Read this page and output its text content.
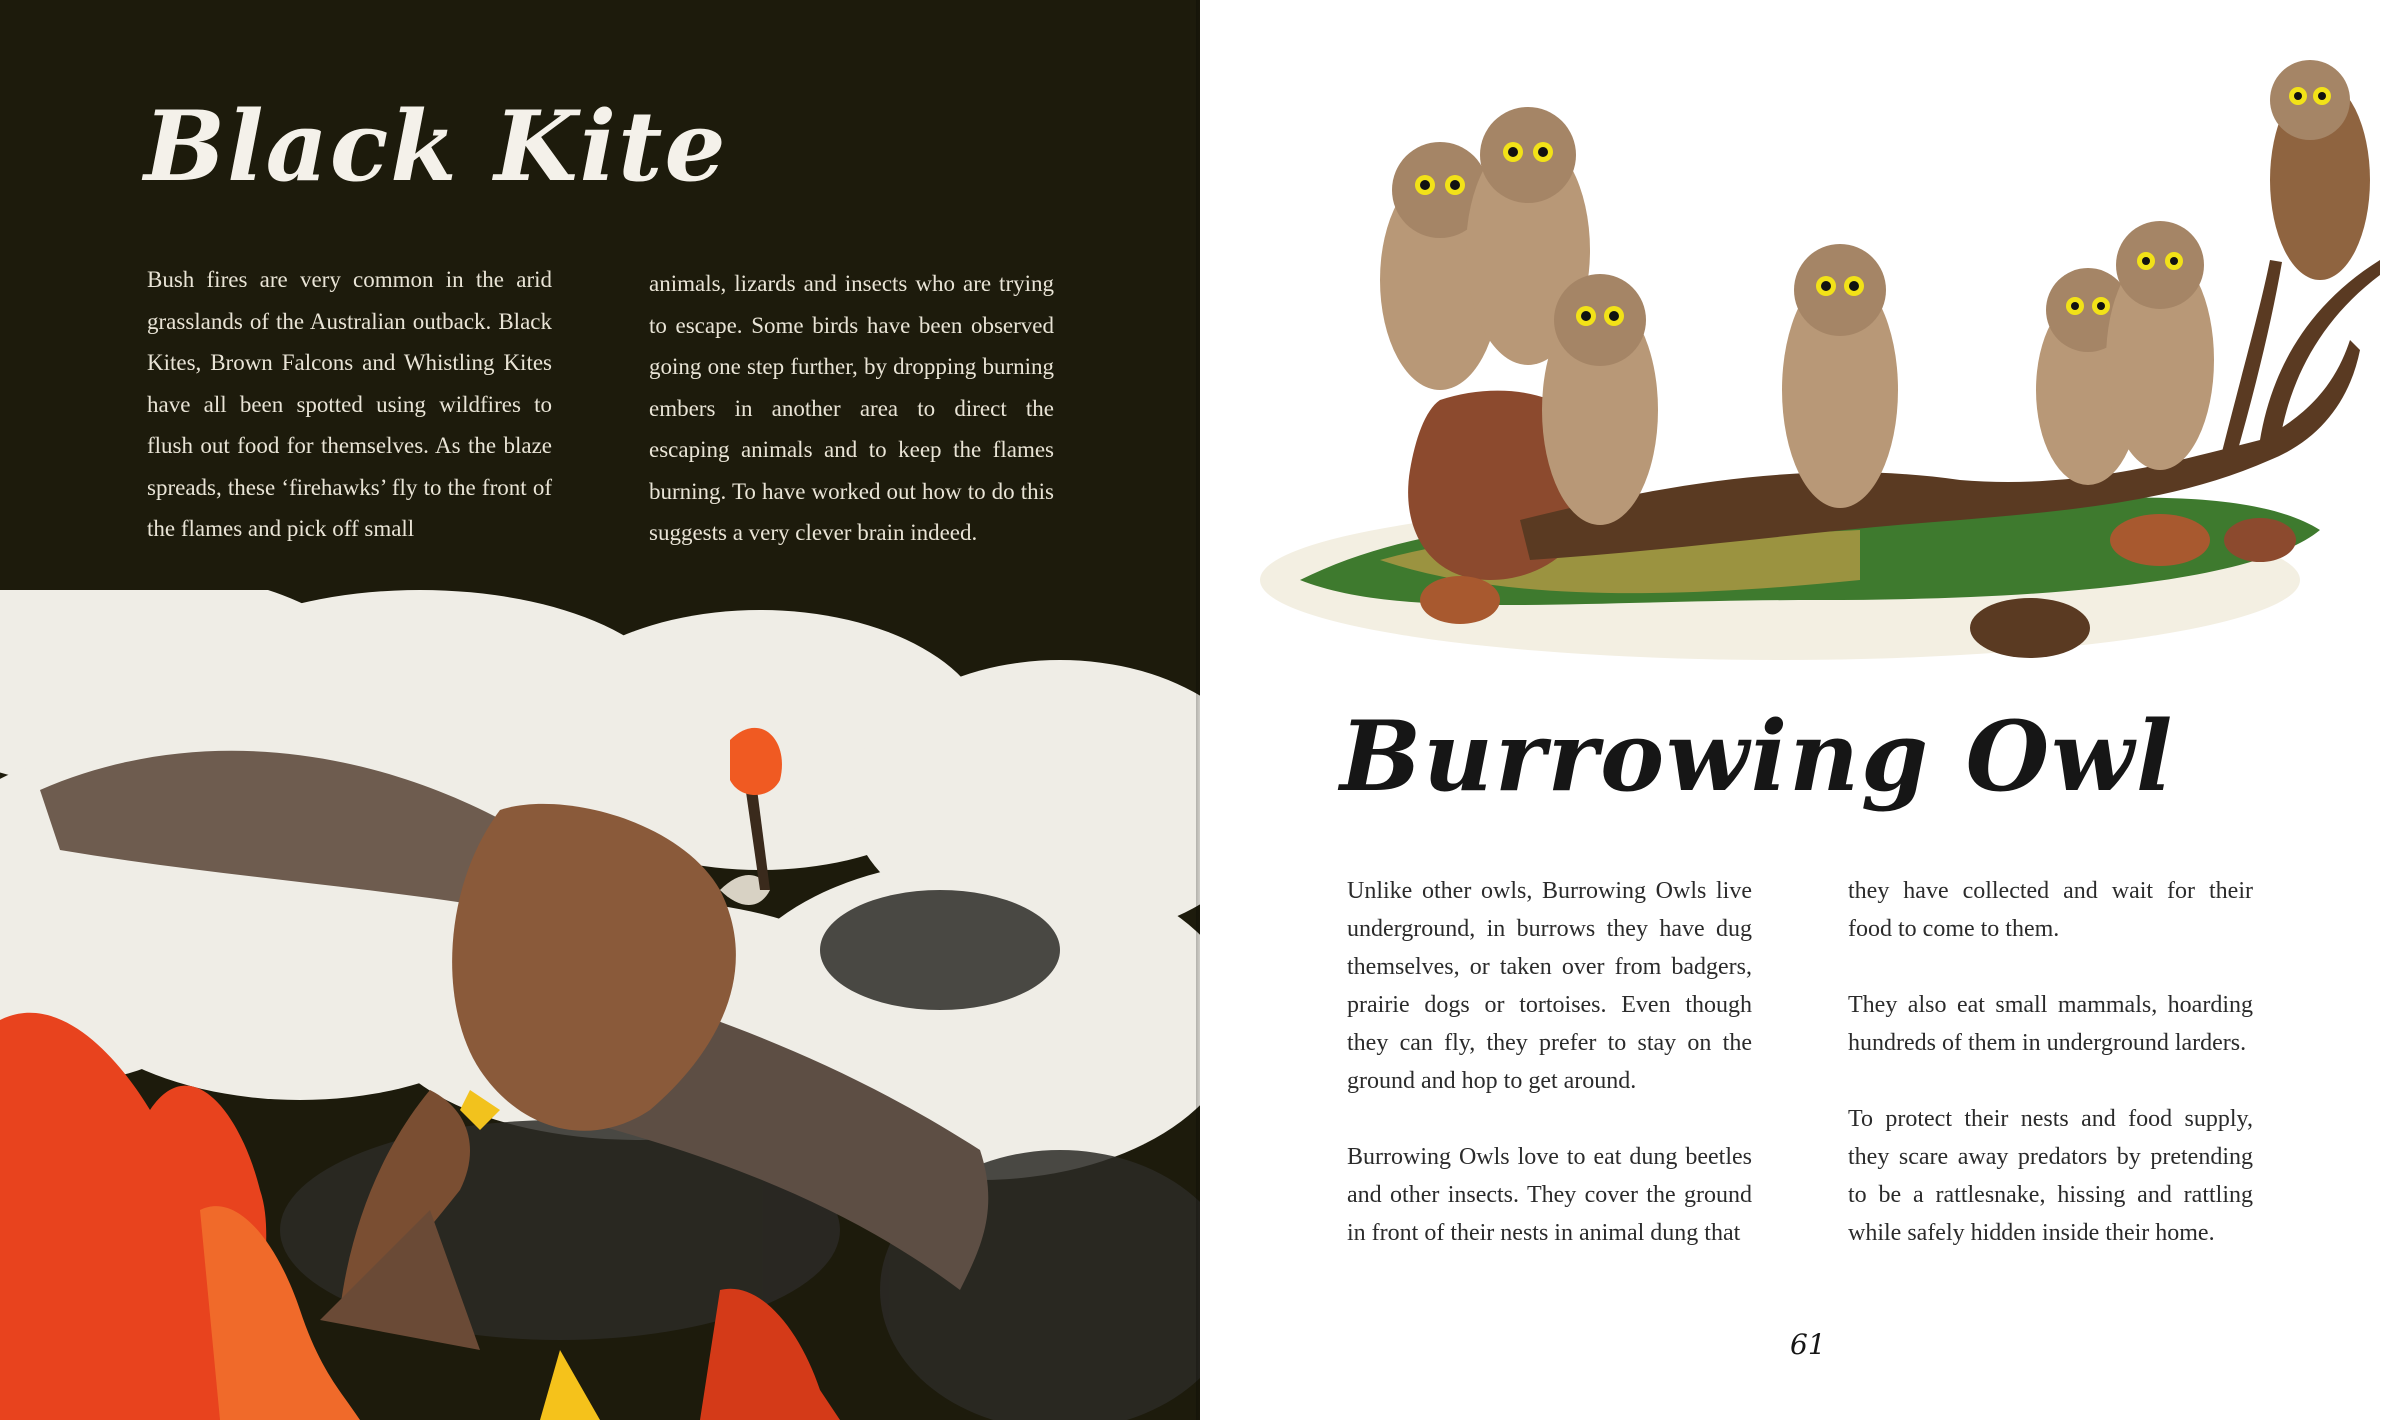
Black Kite

Bush fires are very common in the arid grasslands of the Australian outback. Black Kites, Brown Falcons and Whistling Kites have all been spotted using wildfires to flush out food for themselves. As the blaze spreads, these ‘firehawks’ fly to the front of the flames and pick off small

animals, lizards and insects who are trying to escape. Some birds have been observed going one step further, by dropping burning embers in another area to direct the escaping animals and to keep the flames burning. To have worked out how to do this suggests a very clever brain indeed.

Burrowing Owl

Unlike other owls, Burrowing Owls live underground, in burrows they have dug themselves, or taken over from badgers, prairie dogs or tortoises. Even though they can fly, they prefer to stay on the ground and hop to get around.

Burrowing Owls love to eat dung beetles and other insects. They cover the ground in front of their nests in animal dung that

they have collected and wait for their food to come to them.

They also eat small mammals, hoarding hundreds of them in underground larders.

To protect their nests and food supply, they scare away predators by pretending to be a rattlesnake, hissing and rattling while safely hidden inside their home.

61
